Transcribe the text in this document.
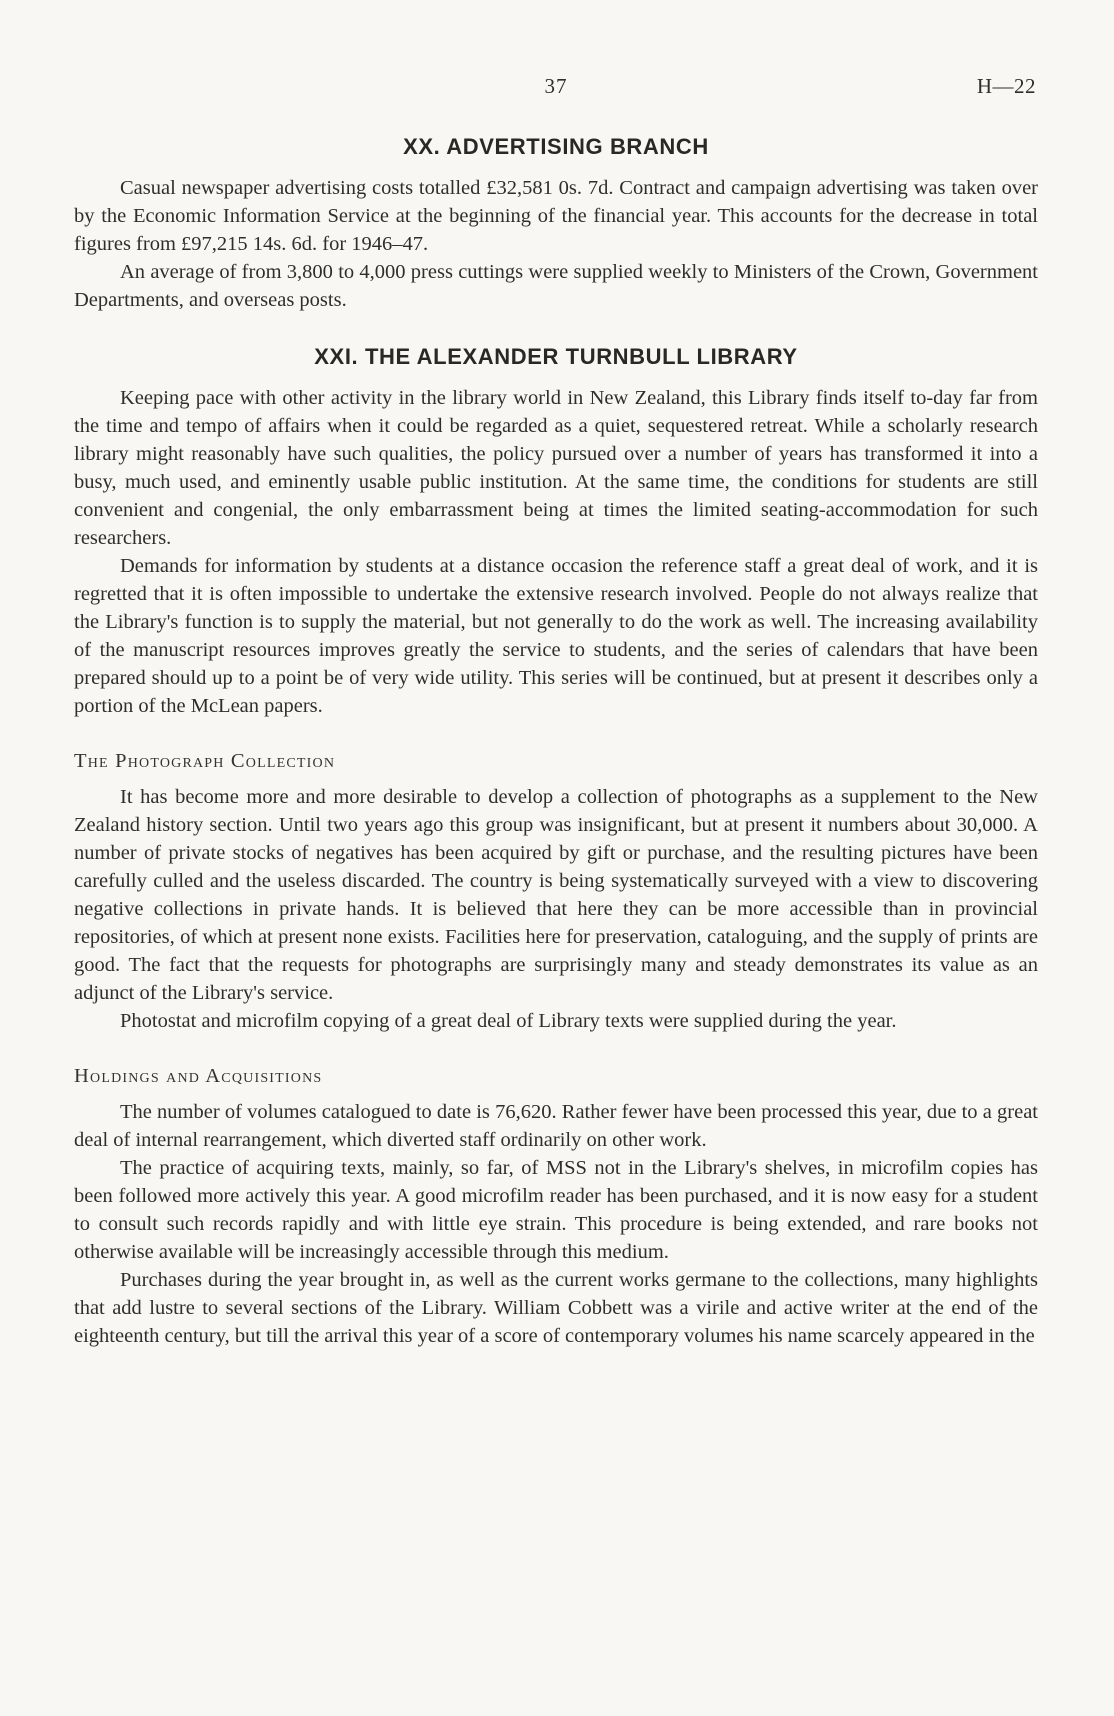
37	H—22
XX. ADVERTISING BRANCH

Casual newspaper advertising costs totalled £32,581 0s. 7d. Contract and campaign advertising was taken over by the Economic Information Service at the beginning of the financial year. This accounts for the decrease in total figures from £97,215 14s. 6d. for 1946–47.

An average of from 3,800 to 4,000 press cuttings were supplied weekly to Ministers of the Crown, Government Departments, and overseas posts.

XXI. THE ALEXANDER TURNBULL LIBRARY

Keeping pace with other activity in the library world in New Zealand, this Library finds itself to-day far from the time and tempo of affairs when it could be regarded as a quiet, sequestered retreat. While a scholarly research library might reasonably have such qualities, the policy pursued over a number of years has transformed it into a busy, much used, and eminently usable public institution. At the same time, the conditions for students are still convenient and congenial, the only embarrassment being at times the limited seating-accommodation for such researchers.

Demands for information by students at a distance occasion the reference staff a great deal of work, and it is regretted that it is often impossible to undertake the extensive research involved. People do not always realize that the Library's function is to supply the material, but not generally to do the work as well. The increasing availability of the manuscript resources improves greatly the service to students, and the series of calendars that have been prepared should up to a point be of very wide utility. This series will be continued, but at present it describes only a portion of the McLean papers.

The Photograph Collection

It has become more and more desirable to develop a collection of photographs as a supplement to the New Zealand history section. Until two years ago this group was insignificant, but at present it numbers about 30,000. A number of private stocks of negatives has been acquired by gift or purchase, and the resulting pictures have been carefully culled and the useless discarded. The country is being systematically surveyed with a view to discovering negative collections in private hands. It is believed that here they can be more accessible than in provincial repositories, of which at present none exists. Facilities here for preservation, cataloguing, and the supply of prints are good. The fact that the requests for photographs are surprisingly many and steady demonstrates its value as an adjunct of the Library's service.

Photostat and microfilm copying of a great deal of Library texts were supplied during the year.

Holdings and Acquisitions

The number of volumes catalogued to date is 76,620. Rather fewer have been processed this year, due to a great deal of internal rearrangement, which diverted staff ordinarily on other work.

The practice of acquiring texts, mainly, so far, of MSS not in the Library's shelves, in microfilm copies has been followed more actively this year. A good microfilm reader has been purchased, and it is now easy for a student to consult such records rapidly and with little eye strain. This procedure is being extended, and rare books not otherwise available will be increasingly accessible through this medium.

Purchases during the year brought in, as well as the current works germane to the collections, many highlights that add lustre to several sections of the Library. William Cobbett was a virile and active writer at the end of the eighteenth century, but till the arrival this year of a score of contemporary volumes his name scarcely appeared in the
